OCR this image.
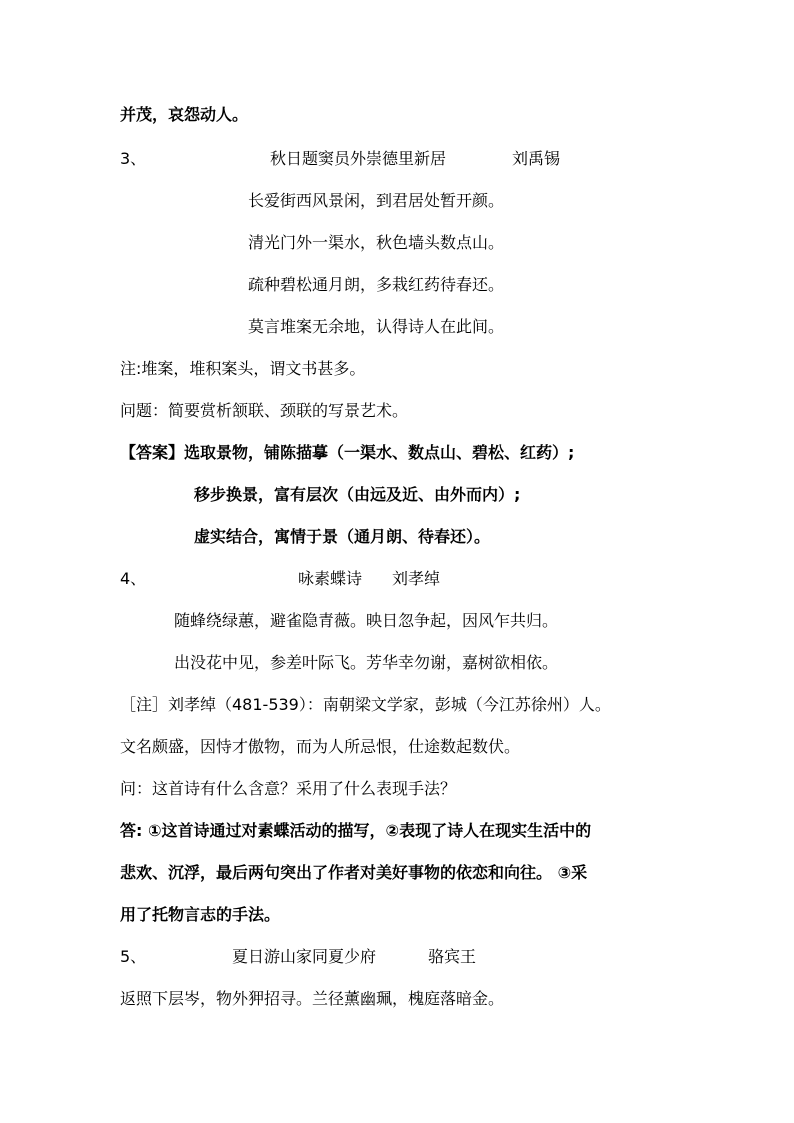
并茂，哀怨动人。
3、	秋日题窦员外崇德里新居	刘禹锡
长爱街西风景闲，到君居处暂开颜。
清光门外一渠水，秋色墙头数点山。
疏种碧松通月朗，多栽红药待春还。
莫言堆案无余地，认得诗人在此间。
注:堆案，堆积案头，谓文书甚多。
问题：简要赏析颔联、颈联的写景艺术。
【答案】选取景物，铺陈描摹（一渠水、数点山、碧松、红药）;
移步换景，富有层次（由远及近、由外而内）;
虚实结合，寓情于景（通月朗、待春还）。
4、	咏素蝶诗 刘孝绰
随蜂绕绿蕙，避雀隐青薇。映日忽争起，因风乍共归。
出没花中见，参差叶际飞。芳华幸勿谢，嘉树欲相依。
［注］刘孝绰（481-539）：南朝梁文学家，彭城（今江苏徐州）人。
文名颇盛，因恃才傲物，而为人所忌恨，仕途数起数伏。
问：这首诗有什么含意？采用了什么表现手法？
答: ①这首诗通过对素蝶活动的描写，②表现了诗人在现实生活中的
悲欢、沉浮，最后两句突出了作者对美好事物的依恋和向往。 ③采
用了托物言志的手法。
5、	夏日游山家同夏少府	骆宾王
返照下层岑，物外狎招寻。兰径薰幽珮，槐庭落暗金。
